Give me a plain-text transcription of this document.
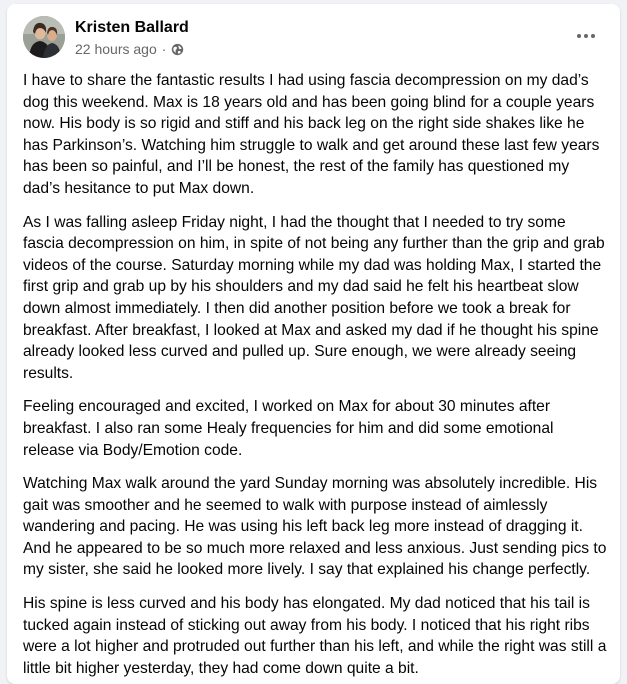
Kristen Ballard
22 hours ago ·

I have to share the fantastic results I had using fascia decompression on my dad’s dog this weekend. Max is 18 years old and has been going blind for a couple years now. His body is so rigid and stiff and his back leg on the right side shakes like he has Parkinson’s. Watching him struggle to walk and get around these last few years has been so painful, and I’ll be honest, the rest of the family has questioned my dad’s hesitance to put Max down.

As I was falling asleep Friday night, I had the thought that I needed to try some fascia decompression on him, in spite of not being any further than the grip and grab videos of the course. Saturday morning while my dad was holding Max, I started the first grip and grab up by his shoulders and my dad said he felt his heartbeat slow down almost immediately. I then did another position before we took a break for breakfast. After breakfast, I looked at Max and asked my dad if he thought his spine already looked less curved and pulled up. Sure enough, we were already seeing results.

Feeling encouraged and excited, I worked on Max for about 30 minutes after breakfast. I also ran some Healy frequencies for him and did some emotional release via Body/Emotion code.

Watching Max walk around the yard Sunday morning was absolutely incredible. His gait was smoother and he seemed to walk with purpose instead of aimlessly wandering and pacing. He was using his left back leg more instead of dragging it. And he appeared to be so much more relaxed and less anxious. Just sending pics to my sister, she said he looked more lively. I say that explained his change perfectly.

His spine is less curved and his body has elongated. My dad noticed that his tail is tucked again instead of sticking out away from his body. I noticed that his right ribs were a lot higher and protruded out further than his left, and while the right was still a little bit higher yesterday, they had come down quite a bit.
